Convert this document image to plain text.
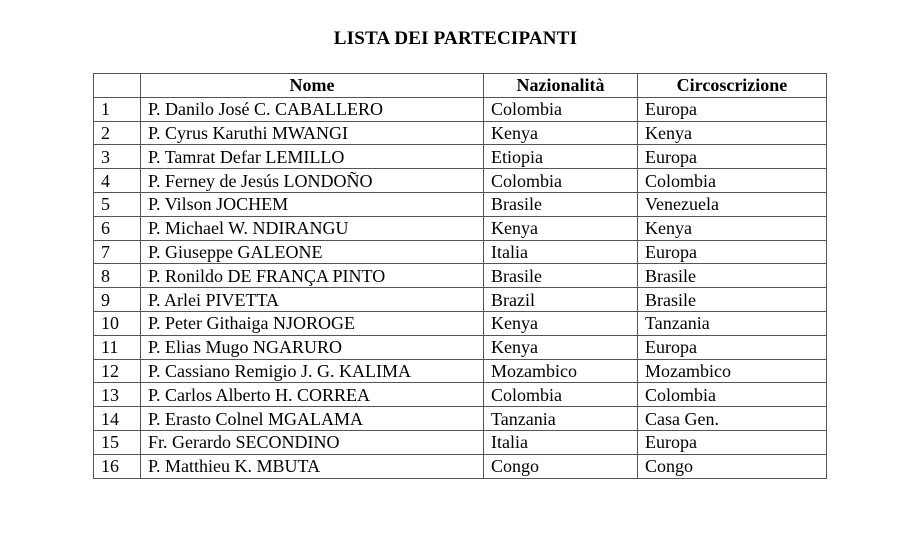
LISTA DEI PARTECIPANTI
	Nome	Nazionalità	Circoscrizione
1	P. Danilo José C. CABALLERO	Colombia	Europa
2	P. Cyrus Karuthi MWANGI	Kenya	Kenya
3	P. Tamrat Defar LEMILLO	Etiopia	Europa
4	P. Ferney de Jesús LONDOÑO	Colombia	Colombia
5	P. Vilson JOCHEM	Brasile	Venezuela
6	P. Michael W. NDIRANGU	Kenya	Kenya
7	P. Giuseppe GALEONE	Italia	Europa
8	P. Ronildo DE FRANÇA PINTO	Brasile	Brasile
9	P. Arlei PIVETTA	Brazil	Brasile
10	P. Peter Githaiga NJOROGE	Kenya	Tanzania
11	P. Elias Mugo NGARURO	Kenya	Europa
12	P. Cassiano Remigio J. G. KALIMA	Mozambico	Mozambico
13	P. Carlos Alberto H. CORREA	Colombia	Colombia
14	P. Erasto Colnel MGALAMA	Tanzania	Casa Gen.
15	Fr. Gerardo SECONDINO	Italia	Europa
16	P. Matthieu K. MBUTA	Congo	Congo
